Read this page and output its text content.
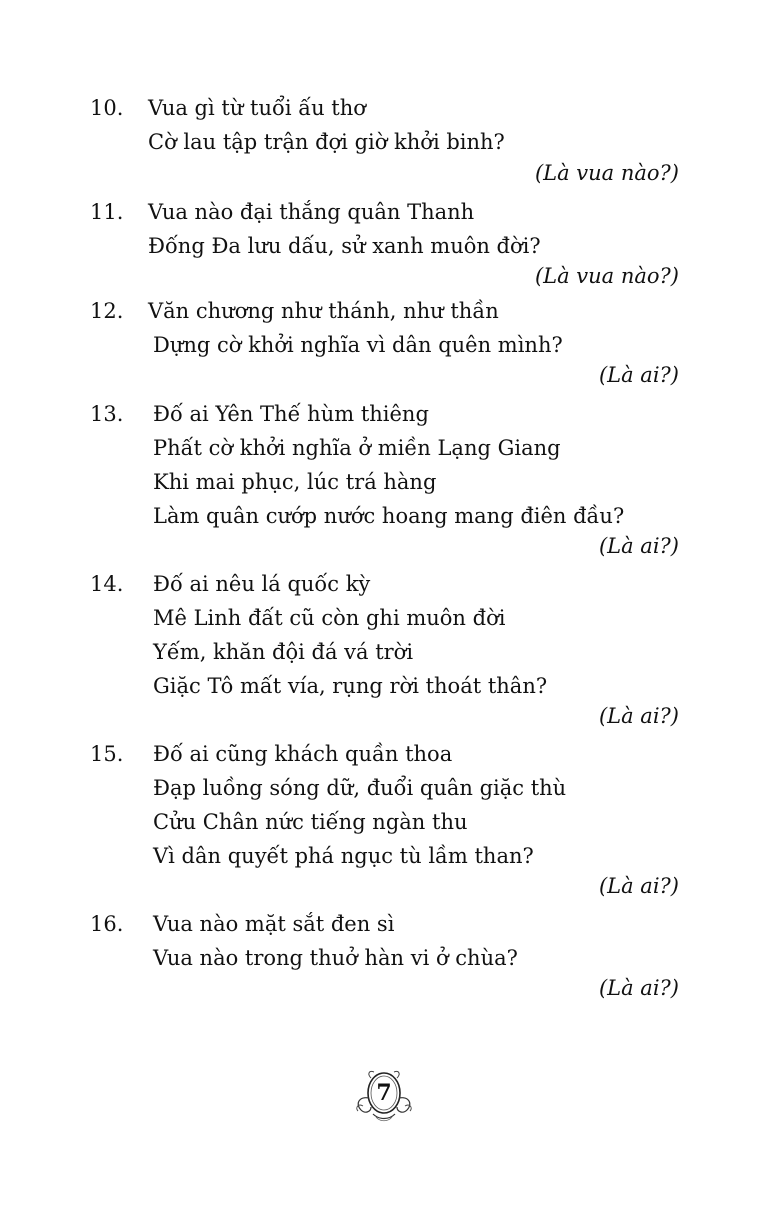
10. Vua gì từ tuổi ấu thơ
Cờ lau tập trận đợi giờ khởi binh?
(Là vua nào?)
11. Vua nào đại thắng quân Thanh
Đống Đa lưu dấu, sử xanh muôn đời?
(Là vua nào?)
12. Văn chương như thánh, như thần
Dựng cờ khởi nghĩa vì dân quên mình?
(Là ai?)
13. Đố ai Yên Thế hùm thiêng
Phất cờ khởi nghĩa ở miền Lạng Giang
Khi mai phục, lúc trá hàng
Làm quân cướp nước hoang mang điên đầu?
(Là ai?)
14. Đố ai nêu lá quốc kỳ
Mê Linh đất cũ còn ghi muôn đời
Yếm, khăn đội đá vá trời
Giặc Tô mất vía, rụng rời thoát thân?
(Là ai?)
15. Đố ai cũng khách quần thoa
Đạp luồng sóng dữ, đuổi quân giặc thù
Cửu Chân nức tiếng ngàn thu
Vì dân quyết phá ngục tù lầm than?
(Là ai?)
16. Vua nào mặt sắt đen sì
Vua nào trong thuở hàn vi ở chùa?
(Là ai?)
7
